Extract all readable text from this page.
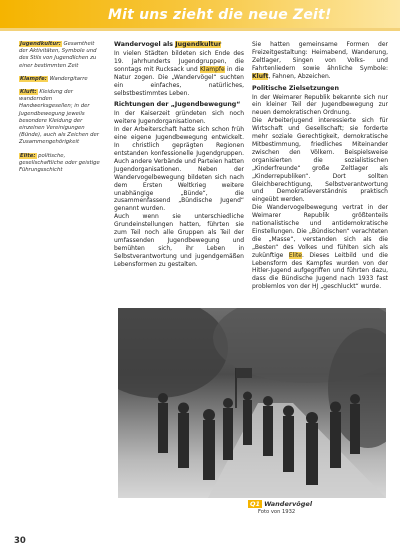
Mit uns zieht die neue Zeit!
Jugendkultur: Gesamtheit der Aktivitäten, Symbole und des Stils von Jugendlichen zu einer bestimmten Zeit
Klampfe: Wandergitarre
Kluft: Kleidung der wandernden Handwerksgesellen; in der Jugendbewegung jeweils besondere Kleidung der einzelnen Vereinigungen (Bünde), auch als Zeichen der Zusammengehörigkeit
Elite: politische, gesellschaftliche oder geistige Führungsschicht
Wandervogel als Jugendkultur

In vielen Städten bildeten sich Ende des 19. Jahrhunderts Jugendgruppen, die sonntags mit Rucksack und Klampfe in die Natur zogen. Die „Wandervögel“ suchten ein einfaches, natürliches, selbstbestimmtes Leben.

Richtungen der „Jugendbewegung“

In der Kaiserzeit gründeten sich noch weitere Jugendorganisationen.

In der Arbeiterschaft hatte sich schon früh eine eigene Jugendbewegung entwickelt. In christlich geprägten Regionen entstanden konfessionelle Jugendgruppen. Auch andere Verbände und Parteien hatten Jugendorganisationen. Neben der Wandervogelbewegung bildeten sich nach dem Ersten Weltkrieg weitere unabhängige „Bünde“, die zusammenfassend „Bündische Jugend“ genannt wurden.

Auch wenn sie unterschiedliche Grundeinstellungen hatten, führten sie zum Teil noch alle Gruppen als Teil der umfassenden Jugendbewegung und bemühten sich, ihr Leben in Selbstverantwortung und jugendgemäßen Lebensformen zu gestalten.

Sie hatten gemeinsame Formen der Freizeitgestaltung: Heimabend, Wanderung, Zeltlager, Singen von Volks- und Fahrtenliedern sowie ähnliche Symbole: Kluft, Fahnen, Abzeichen.

Politische Zielsetzungen

In der Weimarer Republik bekannte sich nur ein kleiner Teil der Jugendbewegung zur neuen demokratischen Ordnung.

Die Arbeiterjugend interessierte sich für Wirtschaft und Gesellschaft; sie forderte mehr soziale Gerechtigkeit, demokratische Mitbestimmung, friedliches Miteinander zwischen den Völkern. Beispielsweise organisierten die sozialistischen „Kinderfreunde“ große Zeltlager als „Kinderrepubliken“. Dort sollten Gleichberechtigung, Selbstverantwortung und Demokratieverständnis praktisch eingeübt werden.

Die Wandervogelbewegung vertrat in der Weimarer Republik größtenteils nationalistische und antidemokratische Einstellungen. Die „Bündischen“ verachteten die „Masse“, verstanden sich als die „Besten“ des Volkes und fühlten sich als zukünftige Elite. Dieses Leitbild und die Lebensform des Kampfes wurden von der Hitler-Jugend aufgegriffen und führten dazu, dass die Bündische Jugend nach 1933 fast problemlos von der HJ „geschluckt“ wurde.

Q1 Wandervögel
Foto von 1932
30
